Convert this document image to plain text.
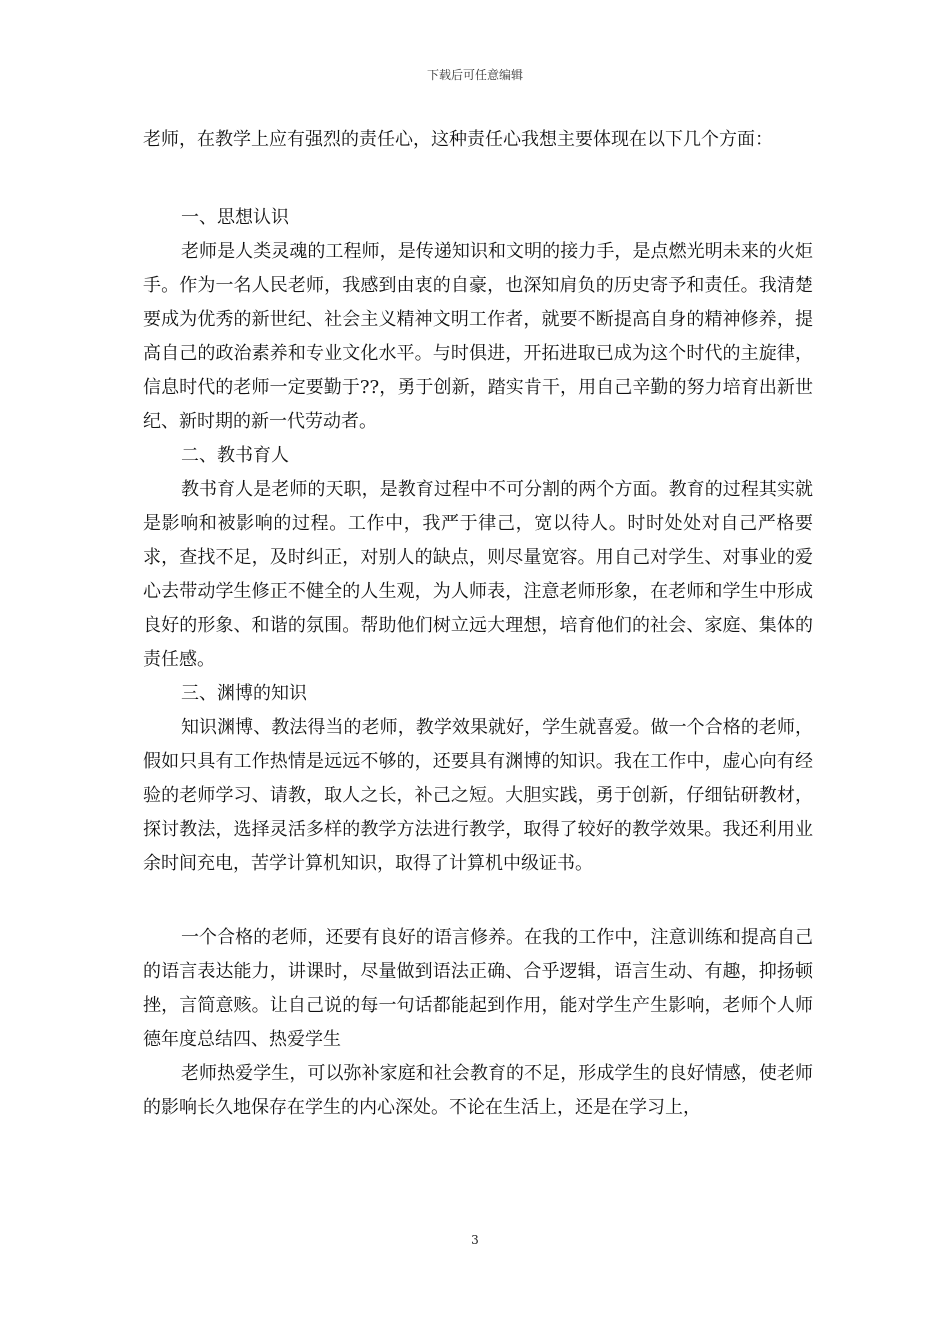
下载后可任意编辑

老师，在教学上应有强烈的责任心，这种责任心我想主要体现在以下几个方面：

一、思想认识

老师是人类灵魂的工程师，是传递知识和文明的接力手，是点燃光明未来的火炬手。作为一名人民老师，我感到由衷的自豪，也深知肩负的历史寄予和责任。我清楚要成为优秀的新世纪、社会主义精神文明工作者，就要不断提高自身的精神修养，提高自己的政治素养和专业文化水平。与时俱进，开拓进取已成为这个时代的主旋律，信息时代的老师一定要勤于??，勇于创新，踏实肯干，用自己辛勤的努力培育出新世纪、新时期的新一代劳动者。

二、教书育人

教书育人是老师的天职，是教育过程中不可分割的两个方面。教育的过程其实就是影响和被影响的过程。工作中，我严于律己，宽以待人。时时处处对自己严格要求，查找不足，及时纠正，对别人的缺点，则尽量宽容。用自己对学生、对事业的爱心去带动学生修正不健全的人生观，为人师表，注意老师形象，在老师和学生中形成良好的形象、和谐的氛围。帮助他们树立远大理想，培育他们的社会、家庭、集体的责任感。

三、渊博的知识

知识渊博、教法得当的老师，教学效果就好，学生就喜爱。做一个合格的老师，假如只具有工作热情是远远不够的，还要具有渊博的知识。我在工作中，虚心向有经验的老师学习、请教，取人之长，补己之短。大胆实践，勇于创新，仔细钻研教材，探讨教法，选择灵活多样的教学方法进行教学，取得了较好的教学效果。我还利用业余时间充电，苦学计算机知识，取得了计算机中级证书。

一个合格的老师，还要有良好的语言修养。在我的工作中，注意训练和提高自己的语言表达能力，讲课时，尽量做到语法正确、合乎逻辑，语言生动、有趣，抑扬顿挫，言简意赅。让自己说的每一句话都能起到作用，能对学生产生影响，老师个人师德年度总结四、热爱学生

老师热爱学生，可以弥补家庭和社会教育的不足，形成学生的良好情感，使老师的影响长久地保存在学生的内心深处。不论在生活上，还是在学习上，

3
